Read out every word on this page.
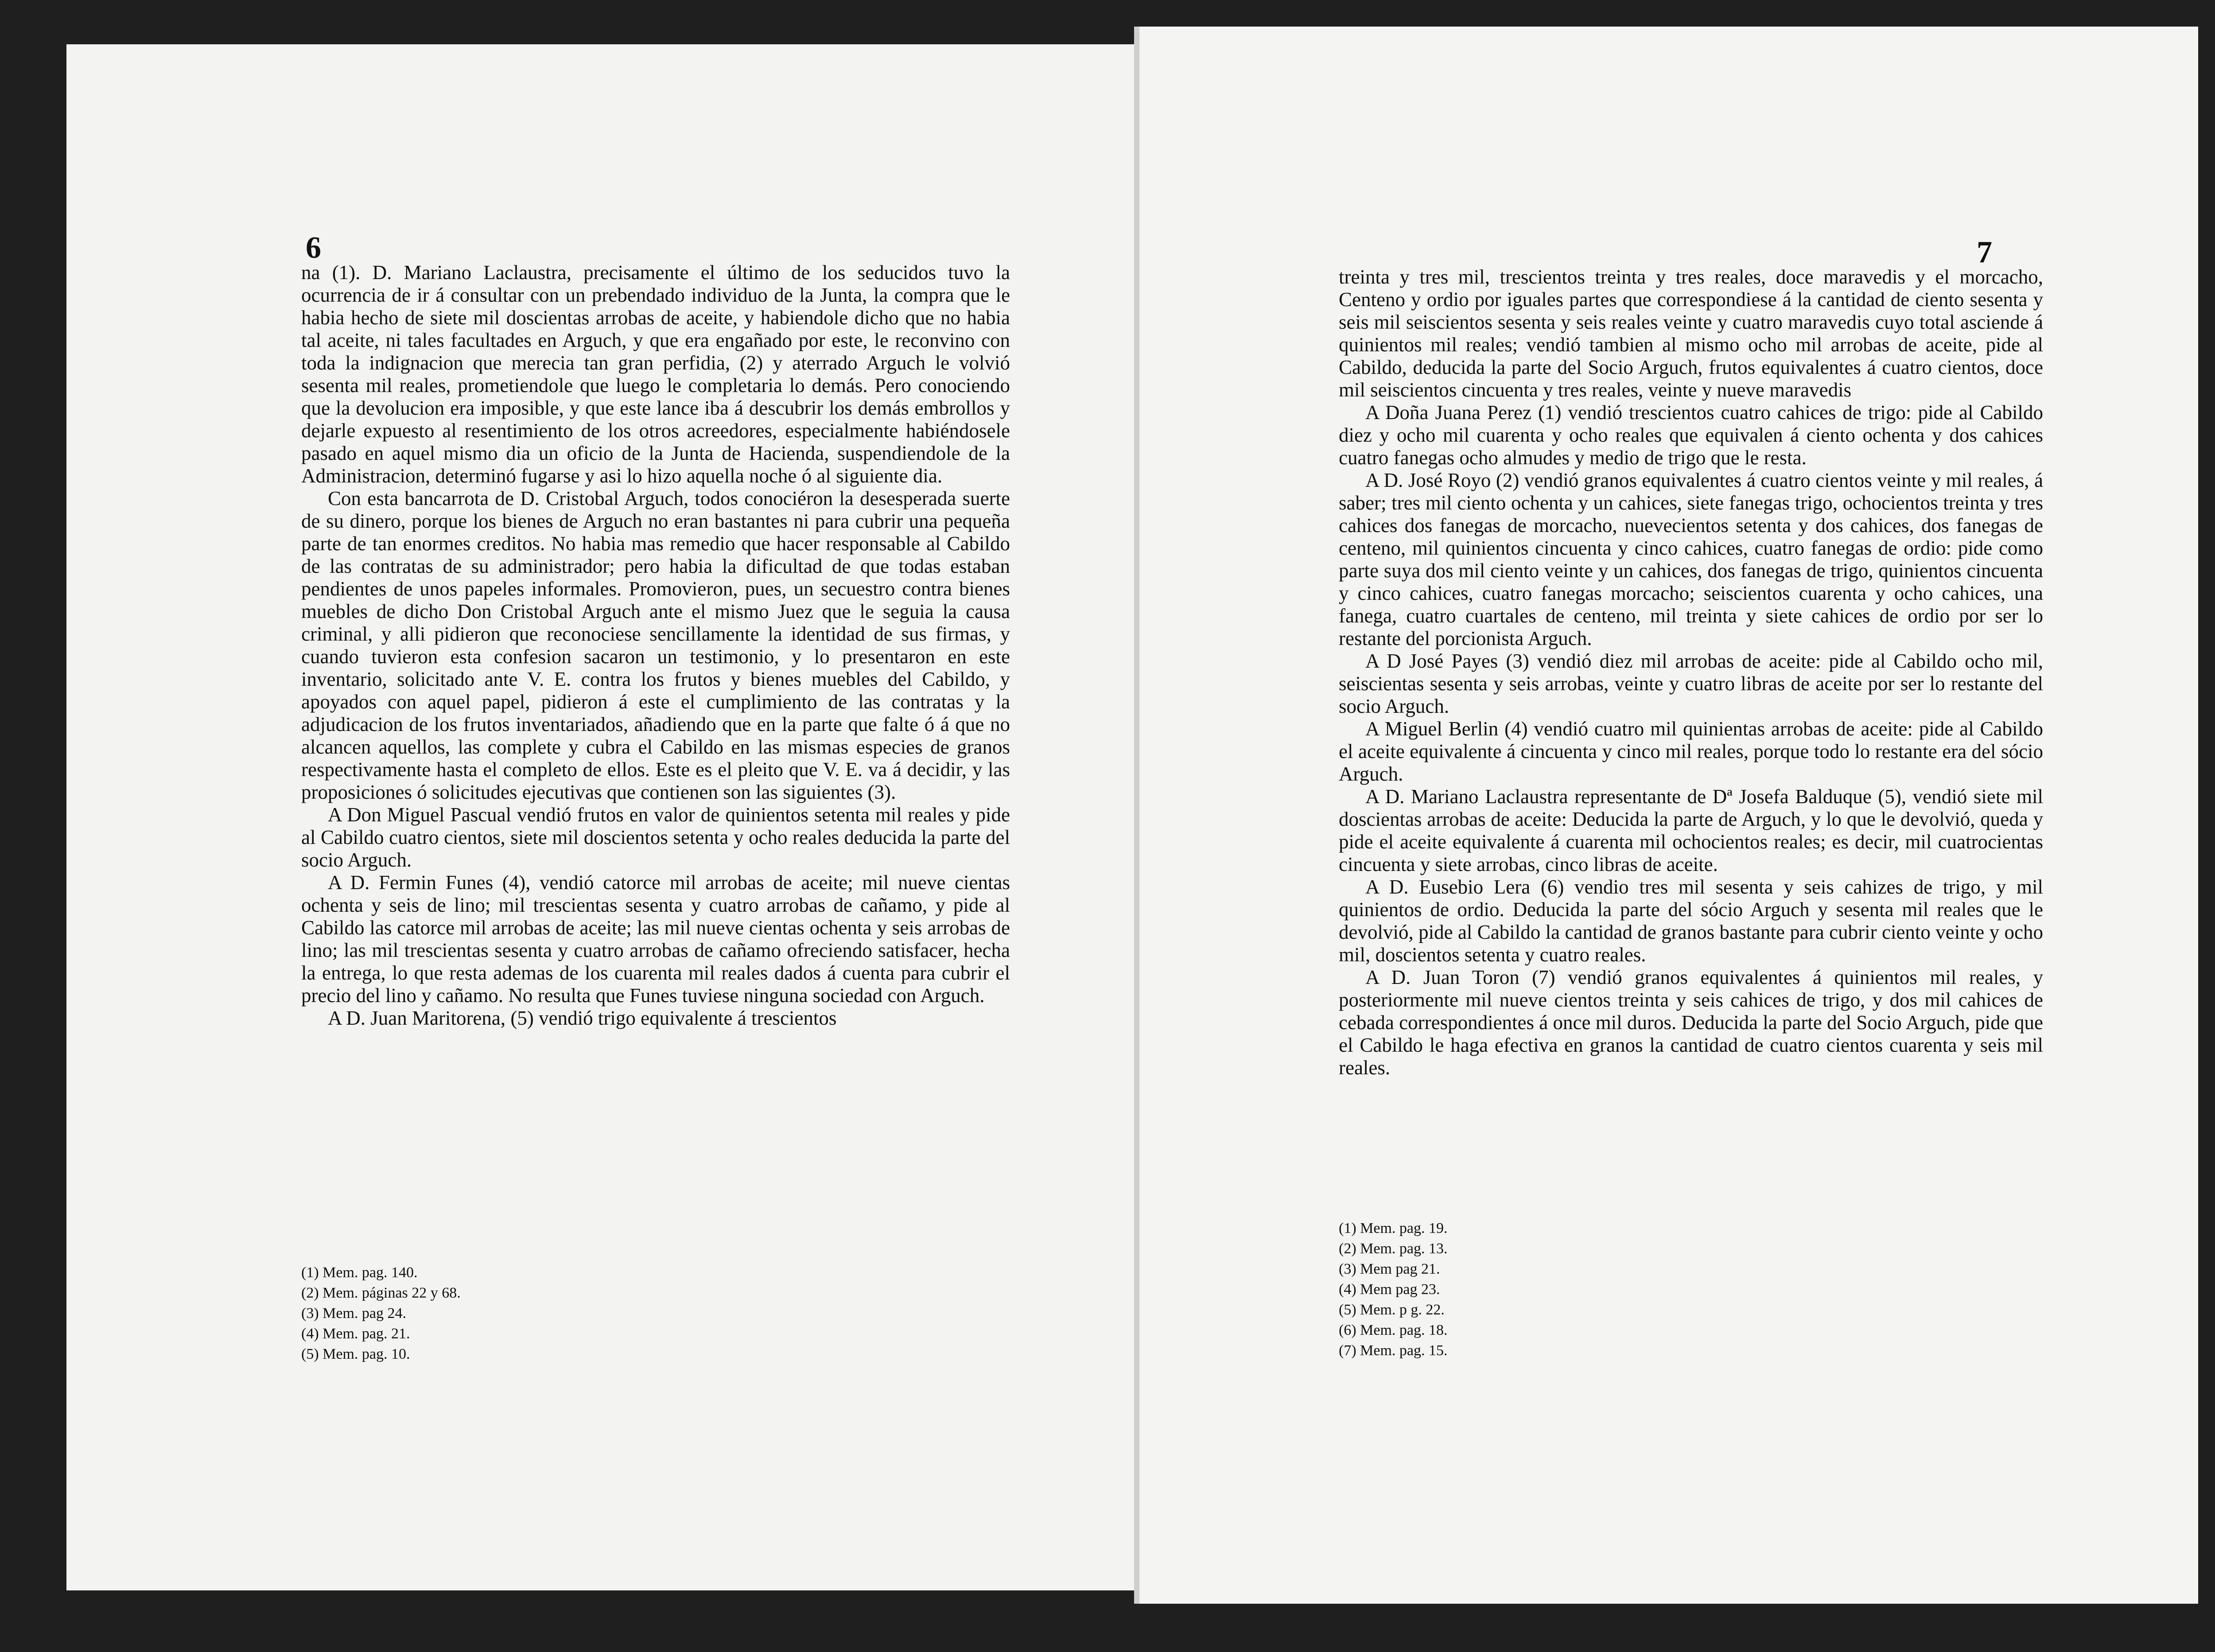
6

na (1). D. Mariano Laclaustra, precisamente el último de los seducidos tuvo la ocurrencia de ir á consultar con un prebendado individuo de la Junta, la compra que le habia hecho de siete mil doscientas arrobas de aceite, y habiendole dicho que no habia tal aceite, ni tales facultades en Arguch, y que era engañado por este, le reconvino con toda la indignacion que merecia tan gran perfidia, (2) y aterrado Arguch le volvió sesenta mil reales, prometiendole que luego le completaria lo demás. Pero conociendo que la devolucion era imposible, y que este lance iba á descubrir los demás embrollos y dejarle expuesto al resentimiento de los otros acreedores, especialmente habiéndosele pasado en aquel mismo dia un oficio de la Junta de Hacienda, suspendiendole de la Administracion, determinó fugarse y asi lo hizo aquella noche ó al siguiente dia.

Con esta bancarrota de D. Cristobal Arguch, todos conociéron la desesperada suerte de su dinero, porque los bienes de Arguch no eran bastantes ni para cubrir una pequeña parte de tan enormes creditos. No habia mas remedio que hacer responsable al Cabildo de las contratas de su administrador; pero habia la dificultad de que todas estaban pendientes de unos papeles informales. Promovieron, pues, un secuestro contra bienes muebles de dicho Don Cristobal Arguch ante el mismo Juez que le seguia la causa criminal, y alli pidieron que reconociese sencillamente la identidad de sus firmas, y cuando tuvieron esta confesion sacaron un testimonio, y lo presentaron en este inventario, solicitado ante V. E. contra los frutos y bienes muebles del Cabildo, y apoyados con aquel papel, pidieron á este el cumplimiento de las contratas y la adjudicacion de los frutos inventariados, añadiendo que en la parte que falte ó á que no alcancen aquellos, las complete y cubra el Cabildo en las mismas especies de granos respectivamente hasta el completo de ellos. Este es el pleito que V. E. va á decidir, y las proposiciones ó solicitudes ejecutivas que contienen son las siguientes (3).

A Don Miguel Pascual vendió frutos en valor de quinientos setenta mil reales y pide al Cabildo cuatro cientos, siete mil doscientos setenta y ocho reales deducida la parte del socio Arguch.

A D. Fermin Funes (4), vendió catorce mil arrobas de aceite; mil nueve cientas ochenta y seis de lino; mil trescientas sesenta y cuatro arrobas de cañamo, y pide al Cabildo las catorce mil arrobas de aceite; las mil nueve cientas ochenta y seis arrobas de lino; las mil trescientas sesenta y cuatro arrobas de cañamo ofreciendo satisfacer, hecha la entrega, lo que resta ademas de los cuarenta mil reales dados á cuenta para cubrir el precio del lino y cañamo. No resulta que Funes tuviese ninguna sociedad con Arguch.

A D. Juan Maritorena, (5) vendió trigo equivalente á trescientos

(1) Mem. pag. 140.
(2) Mem. páginas 22 y 68.
(3) Mem. pag 24.
(4) Mem. pag. 21.
(5) Mem. pag. 10.
7

treinta y tres mil, trescientos treinta y tres reales, doce maravedis y el morcacho, Centeno y ordio por iguales partes que correspondiese á la cantidad de ciento sesenta y seis mil seiscientos sesenta y seis reales veinte y cuatro maravedis cuyo total asciende á quinientos mil reales; vendió tambien al mismo ocho mil arrobas de aceite, pide al Cabildo, deducida la parte del Socio Arguch, frutos equivalentes á cuatro cientos, doce mil seiscientos cincuenta y tres reales, veinte y nueve maravedis

A Doña Juana Perez (1) vendió trescientos cuatro cahices de trigo: pide al Cabildo diez y ocho mil cuarenta y ocho reales que equivalen á ciento ochenta y dos cahices cuatro fanegas ocho almudes y medio de trigo que le resta.

A D. José Royo (2) vendió granos equivalentes á cuatro cientos veinte y mil reales, á saber; tres mil ciento ochenta y un cahices, siete fanegas trigo, ochocientos treinta y tres cahices dos fanegas de morcacho, nuevecientos setenta y dos cahices, dos fanegas de centeno, mil quinientos cincuenta y cinco cahices, cuatro fanegas de ordio: pide como parte suya dos mil ciento veinte y un cahices, dos fanegas de trigo, quinientos cincuenta y cinco cahices, cuatro fanegas morcacho; seiscientos cuarenta y ocho cahices, una fanega, cuatro cuartales de centeno, mil treinta y siete cahices de ordio por ser lo restante del porcionista Arguch.

A D José Payes (3) vendió diez mil arrobas de aceite: pide al Cabildo ocho mil, seiscientas sesenta y seis arrobas, veinte y cuatro libras de aceite por ser lo restante del socio Arguch.

A Miguel Berlin (4) vendió cuatro mil quinientas arrobas de aceite: pide al Cabildo el aceite equivalente á cincuenta y cinco mil reales, porque todo lo restante era del sócio Arguch.

A D. Mariano Laclaustra representante de Dª Josefa Balduque (5), vendió siete mil doscientas arrobas de aceite: Deducida la parte de Arguch, y lo que le devolvió, queda y pide el aceite equivalente á cuarenta mil ochocientos reales; es decir, mil cuatrocientas cincuenta y siete arrobas, cinco libras de aceite.

A D. Eusebio Lera (6) vendio tres mil sesenta y seis cahizes de trigo, y mil quinientos de ordio. Deducida la parte del sócio Arguch y sesenta mil reales que le devolvió, pide al Cabildo la cantidad de granos bastante para cubrir ciento veinte y ocho mil, doscientos setenta y cuatro reales.

A D. Juan Toron (7) vendió granos equivalentes á quinientos mil reales, y posteriormente mil nueve cientos treinta y seis cahices de trigo, y dos mil cahices de cebada correspondientes á once mil duros. Deducida la parte del Socio Arguch, pide que el Cabildo le haga efectiva en granos la cantidad de cuatro cientos cuarenta y seis mil reales.

(1) Mem. pag. 19.
(2) Mem. pag. 13.
(3) Mem pag 21.
(4) Mem pag 23.
(5) Mem. p g. 22.
(6) Mem. pag. 18.
(7) Mem. pag. 15.
